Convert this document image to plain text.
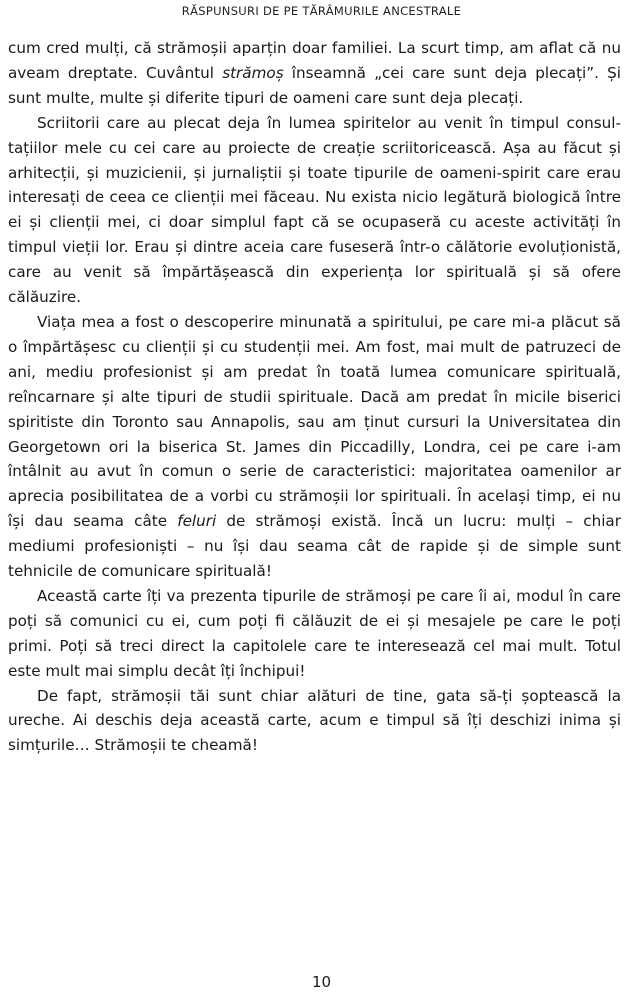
RĂSPUNSURI DE PE TĂRÂMURILE ANCESTRALE

cum cred mulți, că strămoșii aparțin doar familiei. La scurt timp, am aflat că nu aveam dreptate. Cuvântul strămoș înseamnă „cei care sunt deja plecați”. Și sunt multe, multe și diferite tipuri de oameni care sunt deja plecați.

Scriitorii care au plecat deja în lumea spiritelor au venit în timpul consultațiilor mele cu cei care au proiecte de creație scriitoricească. Așa au făcut și arhitecții, și muzicienii, și jurnaliștii și toate tipurile de oameni-spirit care erau interesați de ceea ce clienții mei făceau. Nu exista nicio legătură biologică între ei și clienții mei, ci doar simplul fapt că se ocupaseră cu aceste activități în timpul vieții lor. Erau și dintre aceia care fuseseră într-o călătorie evoluționistă, care au venit să împărtășească din experiența lor spirituală și să ofere călăuzire.

Viața mea a fost o descoperire minunată a spiritului, pe care mi-a plăcut să o împărtășesc cu clienții și cu studenții mei. Am fost, mai mult de patruzeci de ani, mediu profesionist și am predat în toată lumea comunicare spirituală, reîncarnare și alte tipuri de studii spirituale. Dacă am predat în micile biserici spiritiste din Toronto sau Annapolis, sau am ținut cursuri la Universitatea din Georgetown ori la biserica St. James din Piccadilly, Londra, cei pe care i-am întâlnit au avut în comun o serie de caracteristici: majoritatea oamenilor ar aprecia posibilitatea de a vorbi cu strămoșii lor spirituali. În același timp, ei nu își dau seama câte feluri de strămoși există. Încă un lucru: mulți – chiar mediumi profesioniști – nu își dau seama cât de rapide și de simple sunt tehnicile de comunicare spirituală!

Această carte îți va prezenta tipurile de strămoși pe care îi ai, modul în care poți să comunici cu ei, cum poți fi călăuzit de ei și mesajele pe care le poți primi. Poți să treci direct la capitolele care te interesează cel mai mult. Totul este mult mai simplu decât îți închipui!

De fapt, strămoșii tăi sunt chiar alături de tine, gata să-ți șoptească la ureche. Ai deschis deja această carte, acum e timpul să îți deschizi inima și simțurile… Strămoșii te cheamă!

10
